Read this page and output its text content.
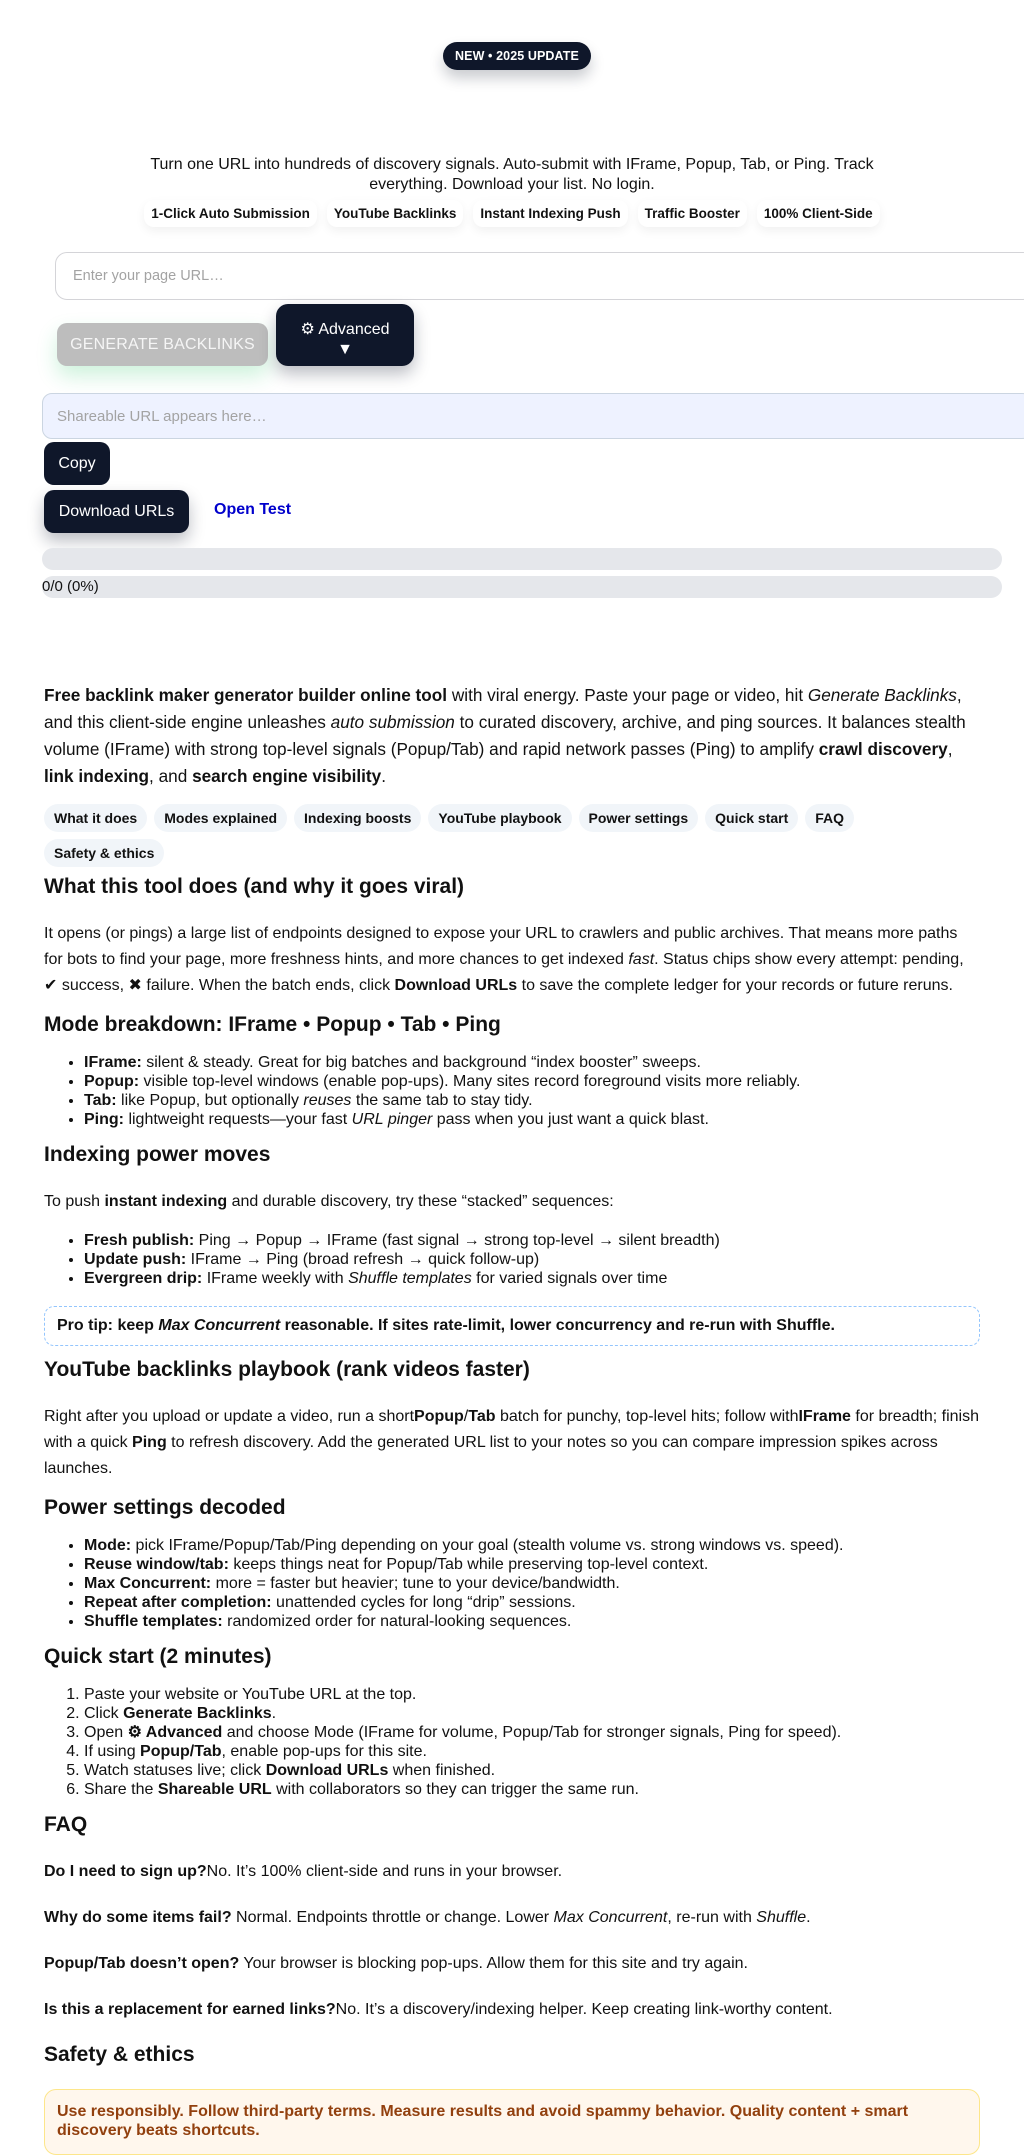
NEW • 2025 UPDATE
Turn one URL into hundreds of discovery signals. Auto-submit with IFrame, Popup, Tab, or Ping. Track everything. Download your list. No login.
1-Click Auto Submission	YouTube Backlinks	Instant Indexing Push	Traffic Booster	100% Client-Side
Enter your page URL…
GENERATE BACKLINKS
⚙ Advanced
▼
Shareable URL appears here…
Copy
Download URLs	Open Test
0/0 (0%)

Free backlink maker generator builder online tool with viral energy. Paste your page or video, hit Generate Backlinks, and this client-side engine unleashes auto submission to curated discovery, archive, and ping sources. It balances stealth volume (IFrame) with strong top-level signals (Popup/Tab) and rapid network passes (Ping) to amplify crawl discovery, link indexing, and search engine visibility.

What it does	Modes explained	Indexing boosts	YouTube playbook	Power settings	Quick start	FAQ
Safety & ethics
What this tool does (and why it goes viral)

It opens (or pings) a large list of endpoints designed to expose your URL to crawlers and public archives. That means more paths for bots to find your page, more freshness hints, and more chances to get indexed fast. Status chips show every attempt: pending, ✔ success, ✖ failure. When the batch ends, click Download URLs to save the complete ledger for your records or future reruns.

Mode breakdown: IFrame • Popup • Tab • Ping
• IFrame: silent & steady. Great for big batches and background “index booster” sweeps.
• Popup: visible top-level windows (enable pop-ups). Many sites record foreground visits more reliably.
• Tab: like Popup, but optionally reuses the same tab to stay tidy.
• Ping: lightweight requests—your fast URL pinger pass when you just want a quick blast.
Indexing power moves

To push instant indexing and durable discovery, try these “stacked” sequences:

• Fresh publish: Ping → Popup → IFrame (fast signal → strong top-level → silent breadth)
• Update push: IFrame → Ping (broad refresh → quick follow-up)
• Evergreen drip: IFrame weekly with Shuffle templates for varied signals over time
Pro tip: keep Max Concurrent reasonable. If sites rate-limit, lower concurrency and re-run with Shuffle.
YouTube backlinks playbook (rank videos faster)

Right after you upload or update a video, run a shortPopup/Tab batch for punchy, top-level hits; follow withIFrame for breadth; finish with a quick Ping to refresh discovery. Add the generated URL list to your notes so you can compare impression spikes across launches.

Power settings decoded
• Mode: pick IFrame/Popup/Tab/Ping depending on your goal (stealth volume vs. strong windows vs. speed).
• Reuse window/tab: keeps things neat for Popup/Tab while preserving top-level context.
• Max Concurrent: more = faster but heavier; tune to your device/bandwidth.
• Repeat after completion: unattended cycles for long “drip” sessions.
• Shuffle templates: randomized order for natural-looking sequences.
Quick start (2 minutes)
1. Paste your website or YouTube URL at the top.
2. Click Generate Backlinks.
3. Open ⚙ Advanced and choose Mode (IFrame for volume, Popup/Tab for stronger signals, Ping for speed).
4. If using Popup/Tab, enable pop-ups for this site.
5. Watch statuses live; click Download URLs when finished.
6. Share the Shareable URL with collaborators so they can trigger the same run.
FAQ

Do I need to sign up?No. It’s 100% client-side and runs in your browser.

Why do some items fail? Normal. Endpoints throttle or change. Lower Max Concurrent, re-run with Shuffle.

Popup/Tab doesn’t open? Your browser is blocking pop-ups. Allow them for this site and try again.

Is this a replacement for earned links?No. It’s a discovery/indexing helper. Keep creating link-worthy content.

Safety & ethics
Use responsibly. Follow third-party terms. Measure results and avoid spammy behavior. Quality content + smart discovery beats shortcuts.
